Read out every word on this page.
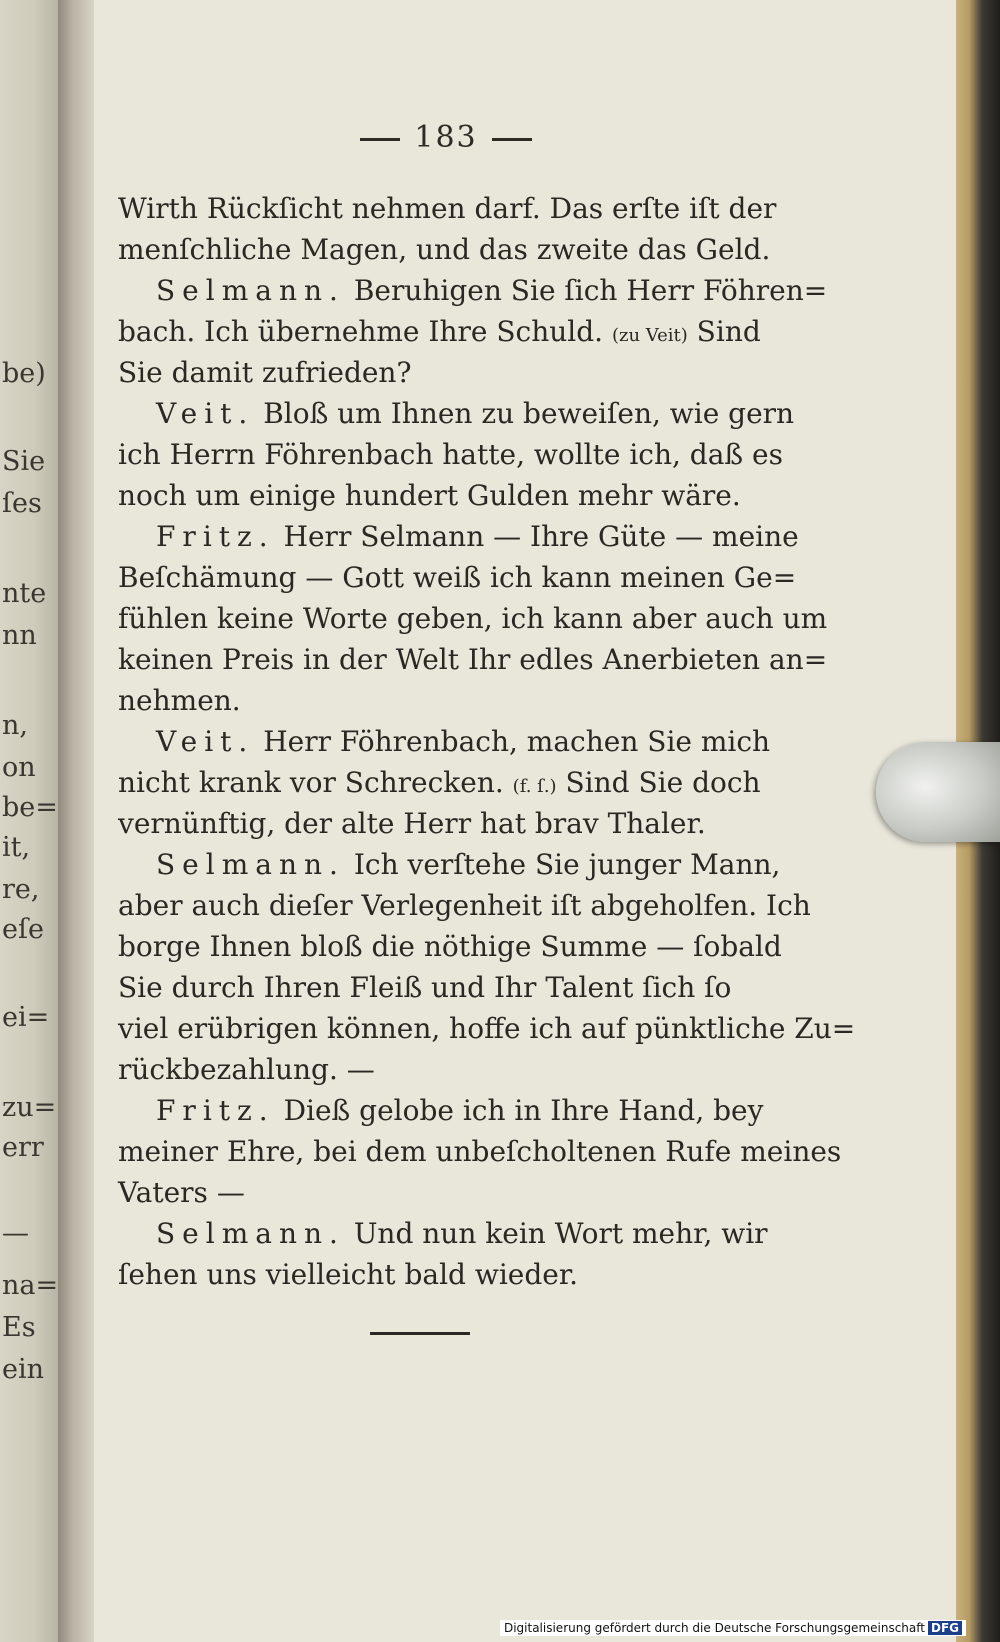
be)
Sie
ſes
nte
nn
n,
on
be=
it,
re,
eſe
ei=
zu=
err
—
na=
Es
ein
183
Wirth Rückſicht nehmen darf. Das erſte iſt der
menſchliche Magen, und das zweite das Geld.
Selmann. Beruhigen Sie ſich Herr Föhren=
bach. Ich übernehme Ihre Schuld. (zu Veit) Sind
Sie damit zufrieden?
Veit. Bloß um Ihnen zu beweiſen, wie gern
ich Herrn Föhrenbach hatte, wollte ich, daß es
noch um einige hundert Gulden mehr wäre.
Fritz. Herr Selmann — Ihre Güte — meine
Beſchämung — Gott weiß ich kann meinen Ge=
fühlen keine Worte geben, ich kann aber auch um
keinen Preis in der Welt Ihr edles Anerbieten an=
nehmen.
Veit. Herr Föhrenbach, machen Sie mich
nicht krank vor Schrecken. (f. ſ.) Sind Sie doch
vernünftig, der alte Herr hat brav Thaler.
Selmann. Ich verſtehe Sie junger Mann,
aber auch dieſer Verlegenheit iſt abgeholfen. Ich
borge Ihnen bloß die nöthige Summe — ſobald
Sie durch Ihren Fleiß und Ihr Talent ſich ſo
viel erübrigen können, hoffe ich auf pünktliche Zu=
rückbezahlung. —
Fritz. Dieß gelobe ich in Ihre Hand, bey
meiner Ehre, bei dem unbeſcholtenen Rufe meines
Vaters —
Selmann. Und nun kein Wort mehr, wir
ſehen uns vielleicht bald wieder.
Digitalisierung gefördert durch die Deutsche Forschungsgemeinschaft DFG
